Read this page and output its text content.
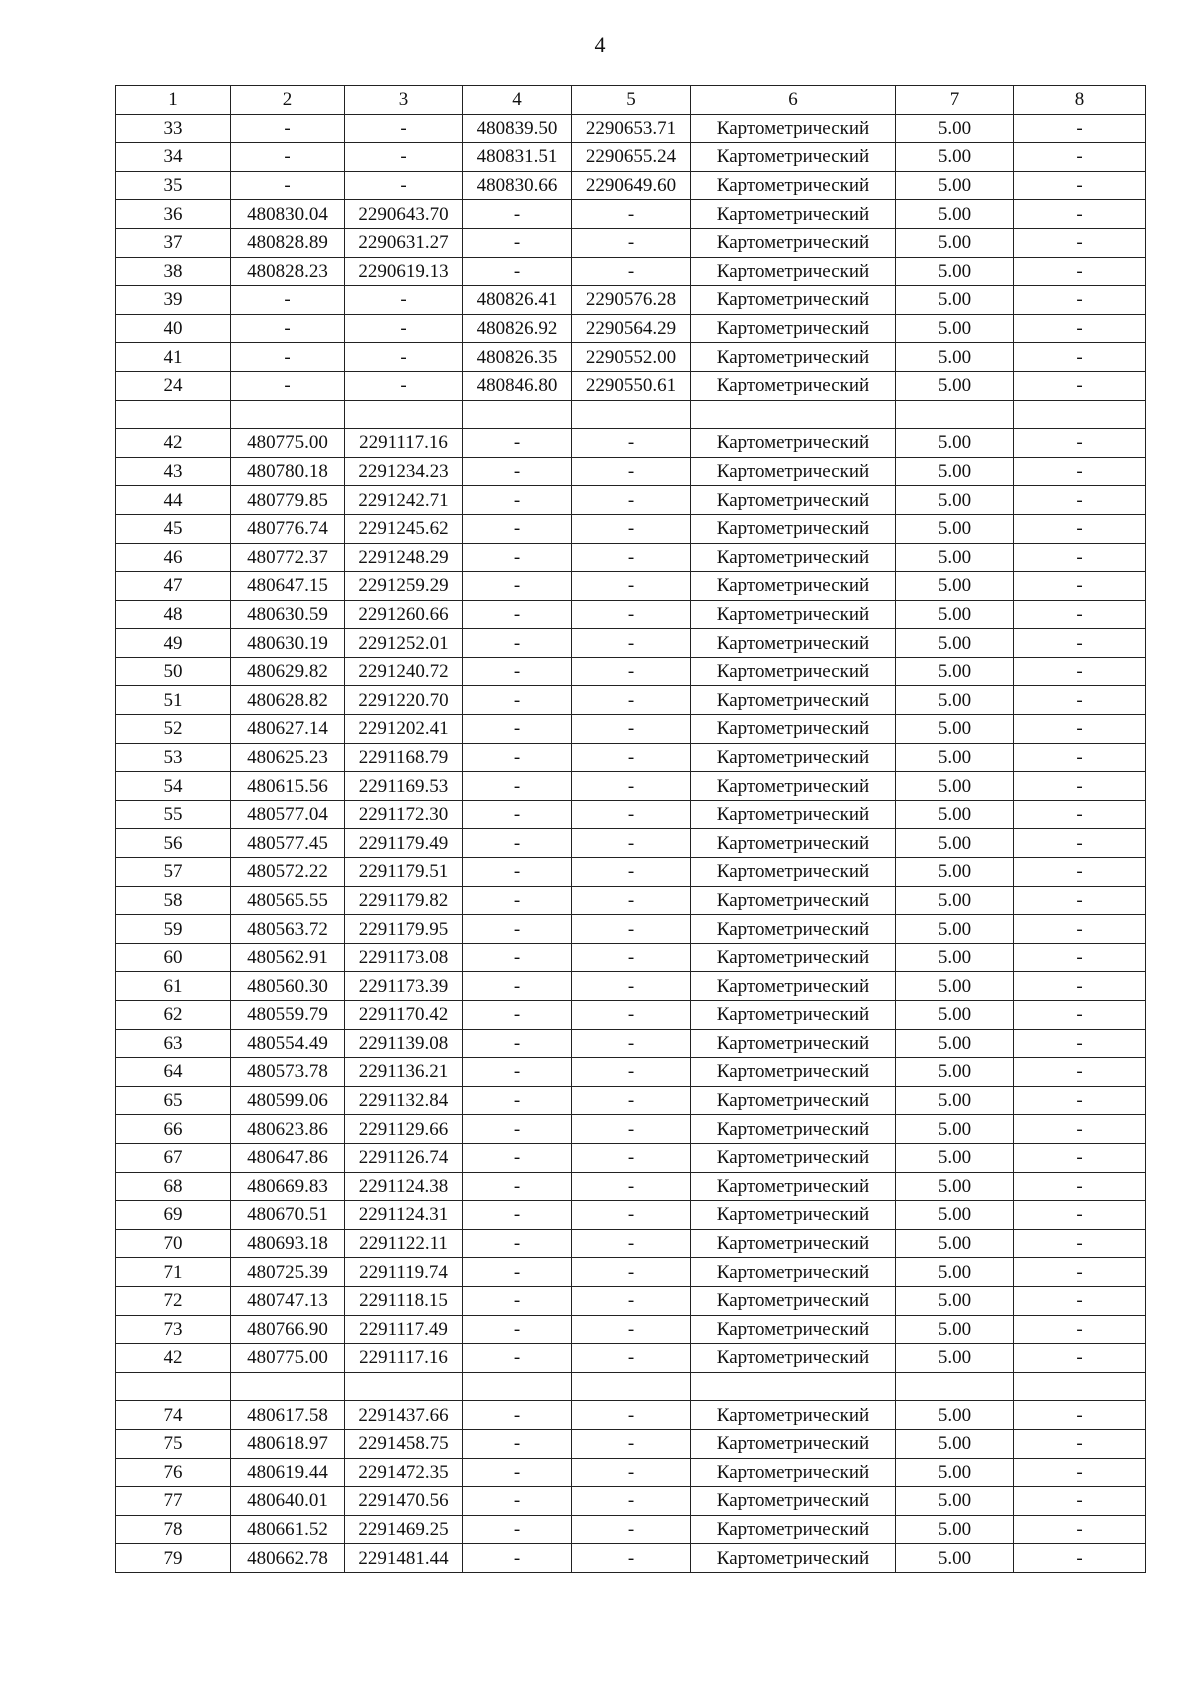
4
1	2	3	4	5	6	7	8
33	-	-	480839.50	2290653.71	Картометрический	5.00	-
34	-	-	480831.51	2290655.24	Картометрический	5.00	-
35	-	-	480830.66	2290649.60	Картометрический	5.00	-
36	480830.04	2290643.70	-	-	Картометрический	5.00	-
37	480828.89	2290631.27	-	-	Картометрический	5.00	-
38	480828.23	2290619.13	-	-	Картометрический	5.00	-
39	-	-	480826.41	2290576.28	Картометрический	5.00	-
40	-	-	480826.92	2290564.29	Картометрический	5.00	-
41	-	-	480826.35	2290552.00	Картометрический	5.00	-
24	-	-	480846.80	2290550.61	Картометрический	5.00	-

42	480775.00	2291117.16	-	-	Картометрический	5.00	-
43	480780.18	2291234.23	-	-	Картометрический	5.00	-
44	480779.85	2291242.71	-	-	Картометрический	5.00	-
45	480776.74	2291245.62	-	-	Картометрический	5.00	-
46	480772.37	2291248.29	-	-	Картометрический	5.00	-
47	480647.15	2291259.29	-	-	Картометрический	5.00	-
48	480630.59	2291260.66	-	-	Картометрический	5.00	-
49	480630.19	2291252.01	-	-	Картометрический	5.00	-
50	480629.82	2291240.72	-	-	Картометрический	5.00	-
51	480628.82	2291220.70	-	-	Картометрический	5.00	-
52	480627.14	2291202.41	-	-	Картометрический	5.00	-
53	480625.23	2291168.79	-	-	Картометрический	5.00	-
54	480615.56	2291169.53	-	-	Картометрический	5.00	-
55	480577.04	2291172.30	-	-	Картометрический	5.00	-
56	480577.45	2291179.49	-	-	Картометрический	5.00	-
57	480572.22	2291179.51	-	-	Картометрический	5.00	-
58	480565.55	2291179.82	-	-	Картометрический	5.00	-
59	480563.72	2291179.95	-	-	Картометрический	5.00	-
60	480562.91	2291173.08	-	-	Картометрический	5.00	-
61	480560.30	2291173.39	-	-	Картометрический	5.00	-
62	480559.79	2291170.42	-	-	Картометрический	5.00	-
63	480554.49	2291139.08	-	-	Картометрический	5.00	-
64	480573.78	2291136.21	-	-	Картометрический	5.00	-
65	480599.06	2291132.84	-	-	Картометрический	5.00	-
66	480623.86	2291129.66	-	-	Картометрический	5.00	-
67	480647.86	2291126.74	-	-	Картометрический	5.00	-
68	480669.83	2291124.38	-	-	Картометрический	5.00	-
69	480670.51	2291124.31	-	-	Картометрический	5.00	-
70	480693.18	2291122.11	-	-	Картометрический	5.00	-
71	480725.39	2291119.74	-	-	Картометрический	5.00	-
72	480747.13	2291118.15	-	-	Картометрический	5.00	-
73	480766.90	2291117.49	-	-	Картометрический	5.00	-
42	480775.00	2291117.16	-	-	Картометрический	5.00	-

74	480617.58	2291437.66	-	-	Картометрический	5.00	-
75	480618.97	2291458.75	-	-	Картометрический	5.00	-
76	480619.44	2291472.35	-	-	Картометрический	5.00	-
77	480640.01	2291470.56	-	-	Картометрический	5.00	-
78	480661.52	2291469.25	-	-	Картометрический	5.00	-
79	480662.78	2291481.44	-	-	Картометрический	5.00	-
